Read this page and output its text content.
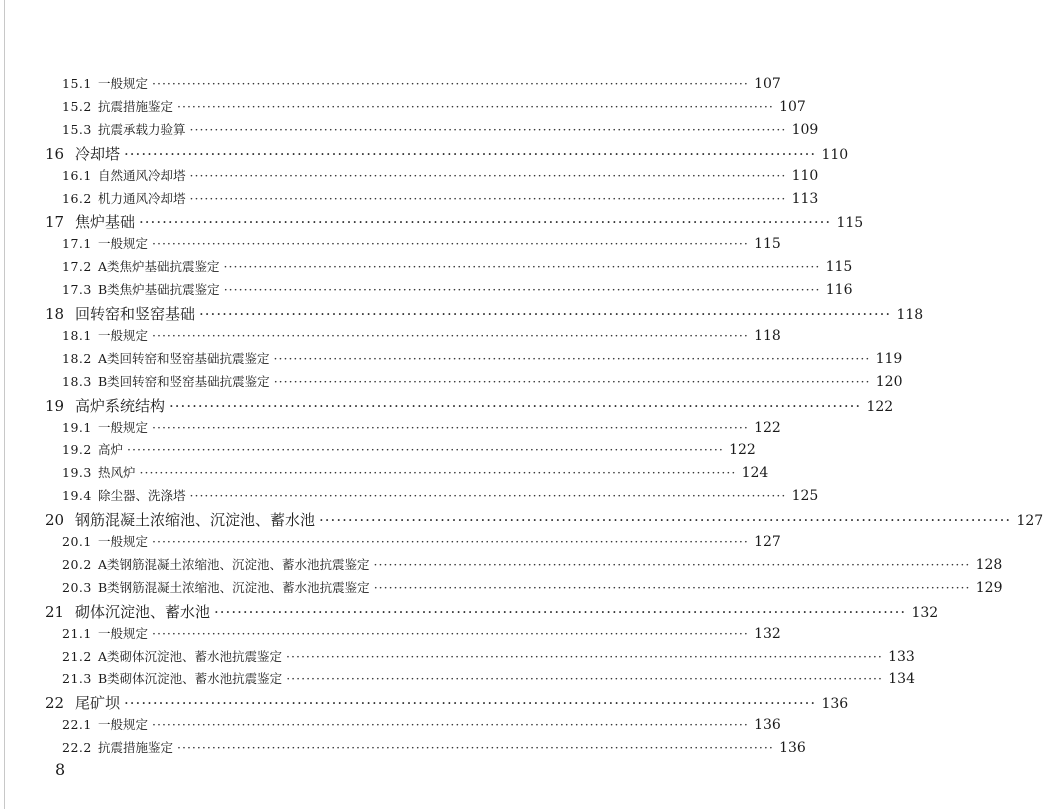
15.1 一般规定 ························································································································ 107
15.2 抗震措施鉴定 ························································································································ 107
15.3 抗震承载力验算 ························································································································ 109
16 冷却塔 ························································································································ 110
16.1 自然通风冷却塔 ························································································································ 110
16.2 机力通风冷却塔 ························································································································ 113
17 焦炉基础 ························································································································ 115
17.1 一般规定 ························································································································ 115
17.2 A类焦炉基础抗震鉴定 ························································································································ 115
17.3 B类焦炉基础抗震鉴定 ························································································································ 116
18 回转窑和竖窑基础 ························································································································ 118
18.1 一般规定 ························································································································ 118
18.2 A类回转窑和竖窑基础抗震鉴定 ························································································································ 119
18.3 B类回转窑和竖窑基础抗震鉴定 ························································································································ 120
19 高炉系统结构 ························································································································ 122
19.1 一般规定 ························································································································ 122
19.2 高炉 ························································································································ 122
19.3 热风炉 ························································································································ 124
19.4 除尘器、洗涤塔 ························································································································ 125
20 钢筋混凝土浓缩池、沉淀池、蓄水池 ························································································································ 127
20.1 一般规定 ························································································································ 127
20.2 A类钢筋混凝土浓缩池、沉淀池、蓄水池抗震鉴定 ························································································································ 128
20.3 B类钢筋混凝土浓缩池、沉淀池、蓄水池抗震鉴定 ························································································································ 129
21 砌体沉淀池、蓄水池 ························································································································ 132
21.1 一般规定 ························································································································ 132
21.2 A类砌体沉淀池、蓄水池抗震鉴定 ························································································································ 133
21.3 B类砌体沉淀池、蓄水池抗震鉴定 ························································································································ 134
22 尾矿坝 ························································································································ 136
22.1 一般规定 ························································································································ 136
22.2 抗震措施鉴定 ························································································································ 136
8
